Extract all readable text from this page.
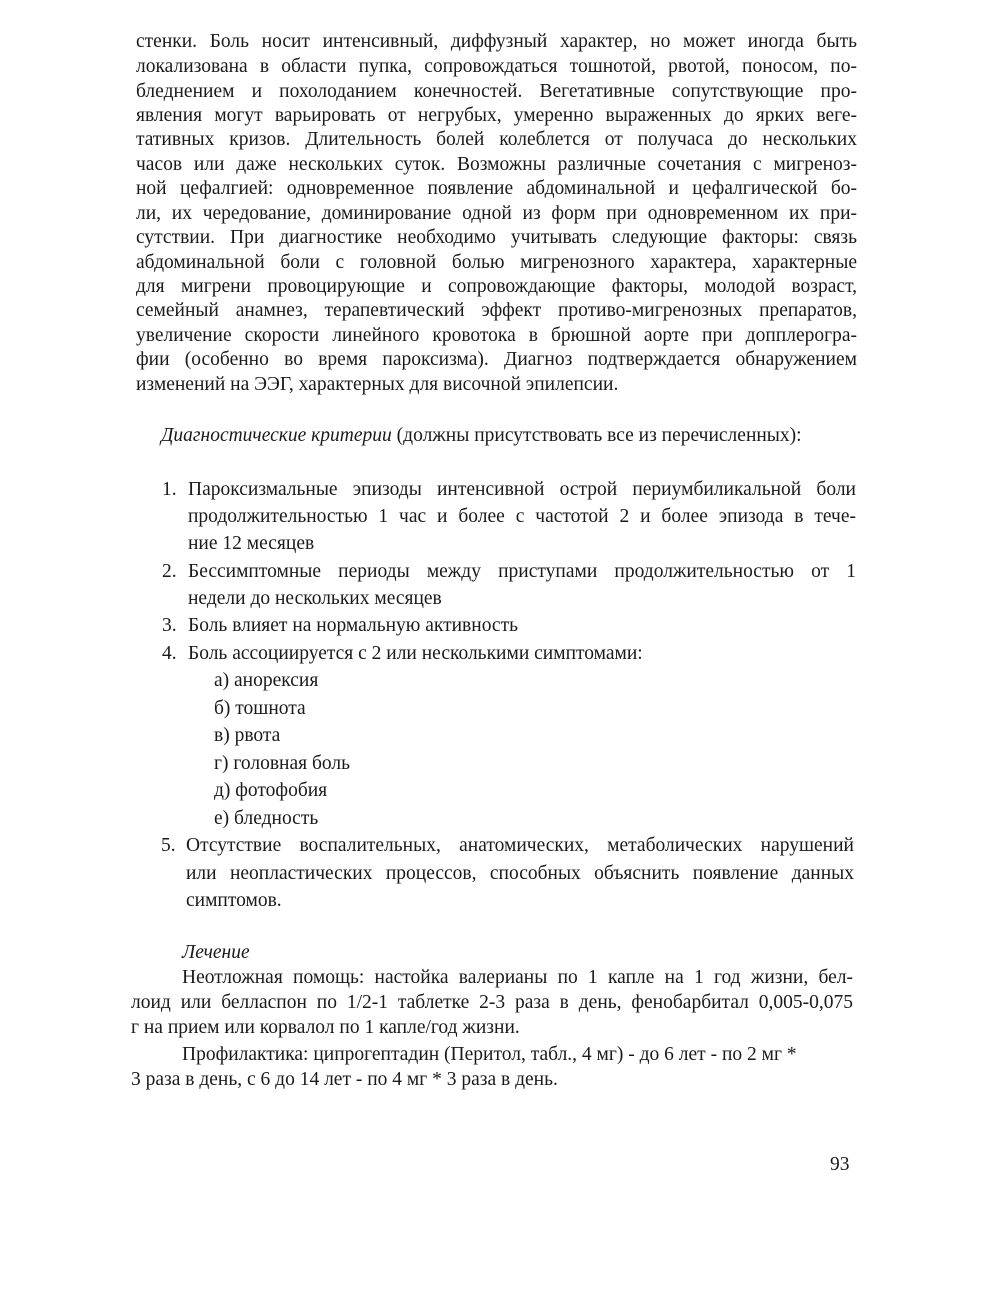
стенки. Боль носит интенсивный, диффузный характер, но может иногда быть
локализована в области пупка, сопровождаться тошнотой, рвотой, поносом, по-
бледнением и похолоданием конечностей. Вегетативные сопутствующие про-
явления могут варьировать от негрубых, умеренно выраженных до ярких веге-
тативных кризов. Длительность болей колеблется от получаса до нескольких
часов или даже нескольких суток. Возможны различные сочетания с мигреноз-
ной цефалгией: одновременное появление абдоминальной и цефалгической бо-
ли, их чередование, доминирование одной из форм при одновременном их при-
сутствии. При диагностике необходимо учитывать следующие факторы: связь
абдоминальной боли с головной болью мигренозного характера, характерные
для мигрени провоцирующие и сопровождающие факторы, молодой возраст,
семейный анамнез, терапевтический эффект противо-мигренозных препаратов,
увеличение скорости линейного кровотока в брюшной аорте при допплерогра-
фии (особенно во время пароксизма). Диагноз подтверждается обнаружением
изменений на ЭЭГ, характерных для височной эпилепсии.
Диагностические критерии (должны присутствовать все из перечисленных):
1. Пароксизмальные эпизоды интенсивной острой периумбиликальной боли
продолжительностью 1 час и более с частотой 2 и более эпизода в тече-
ние 12 месяцев
2. Бессимптомные периоды между приступами продолжительностью от 1
недели до нескольких месяцев
3. Боль влияет на нормальную активность
4. Боль ассоциируется с 2 или несколькими симптомами:
а) анорексия
б) тошнота
в) рвота
г) головная боль
д) фотофобия
е) бледность
5. Отсутствие воспалительных, анатомических, метаболических нарушений
или неопластических процессов, способных объяснить появление данных
симптомов.
Лечение
Неотложная помощь: настойка валерианы по 1 капле на 1 год жизни, бел-
лоид или белласпон по 1/2-1 таблетке 2-3 раза в день, фенобарбитал 0,005-0,075
г на прием или корвалол по 1 капле/год жизни.
Профилактика: ципрогептадин (Перитол, табл., 4 мг) - до 6 лет - по 2 мг *
3 раза в день, с 6 до 14 лет - по 4 мг * 3 раза в день.
93
